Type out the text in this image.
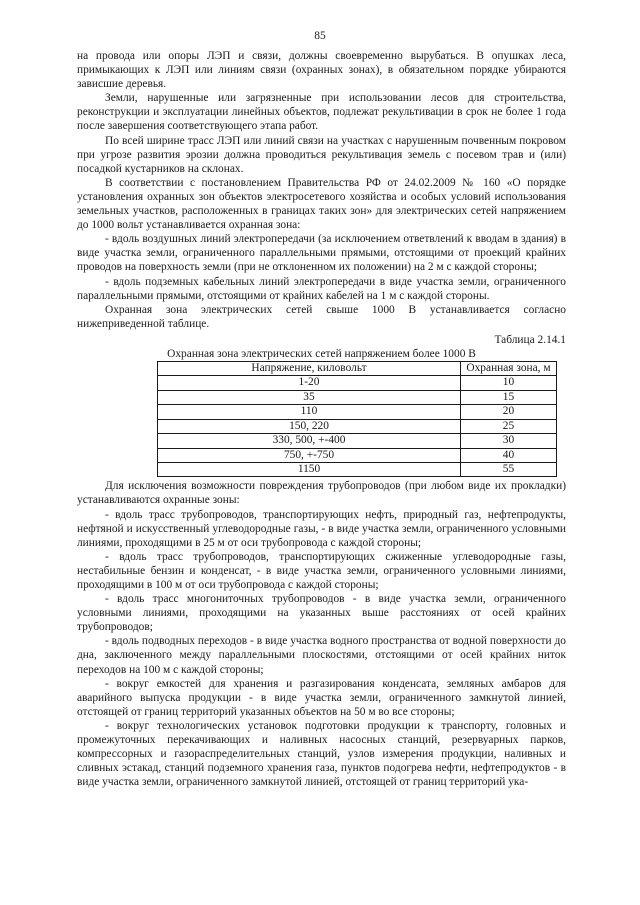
85

на провода или опоры ЛЭП и связи, должны своевременно вырубаться. В опушках леса, примыкающих к ЛЭП или линиям связи (охранных зонах), в обязательном порядке убираются зависшие деревья.

Земли, нарушенные или загрязненные при использовании лесов для строительства, реконструкции и эксплуатации линейных объектов, подлежат рекультивации в срок не более 1 года после завершения соответствующего этапа работ.

По всей ширине трасс ЛЭП или линий связи на участках с нарушенным почвенным покровом при угрозе развития эрозии должна проводиться рекультивация земель с посевом трав и (или) посадкой кустарников на склонах.

В соответствии с постановлением Правительства РФ от 24.02.2009 № 160 «О порядке установления охранных зон объектов электросетевого хозяйства и особых условий использования земельных участков, расположенных в границах таких зон» для электрических сетей напряжением до 1000 вольт устанавливается охранная зона:

- вдоль воздушных линий электропередачи (за исключением ответвлений к вводам в здания) в виде участка земли, ограниченного параллельными прямыми, отстоящими от проекций крайних проводов на поверхность земли (при не отклоненном их положении) на 2 м с каждой стороны;

- вдоль подземных кабельных линий электропередачи в виде участка земли, ограниченного параллельными прямыми, отстоящими от крайних кабелей на 1 м с каждой стороны.

Охранная зона электрических сетей свыше 1000 В устанавливается согласно нижеприведенной таблице.

Таблица 2.14.1

Охранная зона электрических сетей напряжением более 1000 В

Напряжение, киловольт	Охранная зона, м
1-20	10
35	15
110	20
150, 220	25
330, 500, +-400	30
750, +-750	40
1150	55

Для исключения возможности повреждения трубопроводов (при любом виде их прокладки) устанавливаются охранные зоны:

- вдоль трасс трубопроводов, транспортирующих нефть, природный газ, нефтепродукты, нефтяной и искусственный углеводородные газы, - в виде участка земли, ограниченного условными линиями, проходящими в 25 м от оси трубопровода с каждой стороны;

- вдоль трасс трубопроводов, транспортирующих сжиженные углеводородные газы, нестабильные бензин и конденсат, - в виде участка земли, ограниченного условными линиями, проходящими в 100 м от оси трубопровода с каждой стороны;

- вдоль трасс многониточных трубопроводов - в виде участка земли, ограниченного условными линиями, проходящими на указанных выше расстояниях от осей крайних трубопроводов;

- вдоль подводных переходов - в виде участка водного пространства от водной поверхности до дна, заключенного между параллельными плоскостями, отстоящими от осей крайних ниток переходов на 100 м с каждой стороны;

- вокруг емкостей для хранения и разгазирования конденсата, земляных амбаров для аварийного выпуска продукции - в виде участка земли, ограниченного замкнутой линией, отстоящей от границ территорий указанных объектов на 50 м во все стороны;

- вокруг технологических установок подготовки продукции к транспорту, головных и промежуточных перекачивающих и наливных насосных станций, резервуарных парков, компрессорных и газораспределительных станций, узлов измерения продукции, наливных и сливных эстакад, станций подземного хранения газа, пунктов подогрева нефти, нефтепродуктов - в виде участка земли, ограниченного замкнутой линией, отстоящей от границ территорий ука-
